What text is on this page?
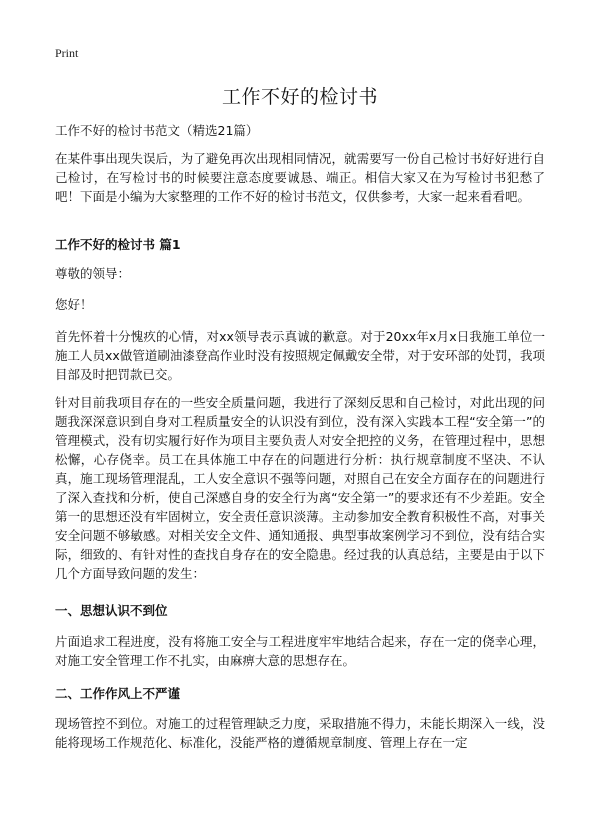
Print
工作不好的检讨书

工作不好的检讨书范文（精选21篇）

在某件事出现失误后，为了避免再次出现相同情况，就需要写一份自己检讨书好好进行自己检讨，在写检讨书的时候要注意态度要诚恳、端正。相信大家又在为写检讨书犯愁了吧！下面是小编为大家整理的工作不好的检讨书范文，仅供参考，大家一起来看看吧。

工作不好的检讨书 篇1

尊敬的领导：

您好！

首先怀着十分愧疚的心情，对xx领导表示真诚的歉意。对于20xx年x月x日我施工单位一施工人员xx做管道刷油漆登高作业时没有按照规定佩戴安全带，对于安环部的处罚，我项目部及时把罚款已交。

针对目前我项目存在的一些安全质量问题，我进行了深刻反思和自己检讨，对此出现的问题我深深意识到自身对工程质量安全的认识没有到位，没有深入实践本工程“安全第一”的管理模式，没有切实履行好作为项目主要负责人对安全把控的义务，在管理过程中，思想松懈，心存侥幸。员工在具体施工中存在的问题进行分析：执行规章制度不坚决、不认真，施工现场管理混乱，工人安全意识不强等问题，对照自己在安全方面存在的问题进行了深入查找和分析，使自己深感自身的安全行为离“安全第一”的要求还有不少差距。安全第一的思想还没有牢固树立，安全责任意识淡薄。主动参加安全教育积极性不高，对事关安全问题不够敏感。对相关安全文件、通知通报、典型事故案例学习不到位，没有结合实际，细致的、有针对性的查找自身存在的安全隐患。经过我的认真总结，主要是由于以下几个方面导致问题的发生：

一、思想认识不到位

片面追求工程进度，没有将施工安全与工程进度牢牢地结合起来，存在一定的侥幸心理，对施工安全管理工作不扎实，由麻痹大意的思想存在。

二、工作作风上不严谨

现场管控不到位。对施工的过程管理缺乏力度，采取措施不得力，未能长期深入一线，没能将现场工作规范化、标准化，没能严格的遵循规章制度、管理上存在一定
